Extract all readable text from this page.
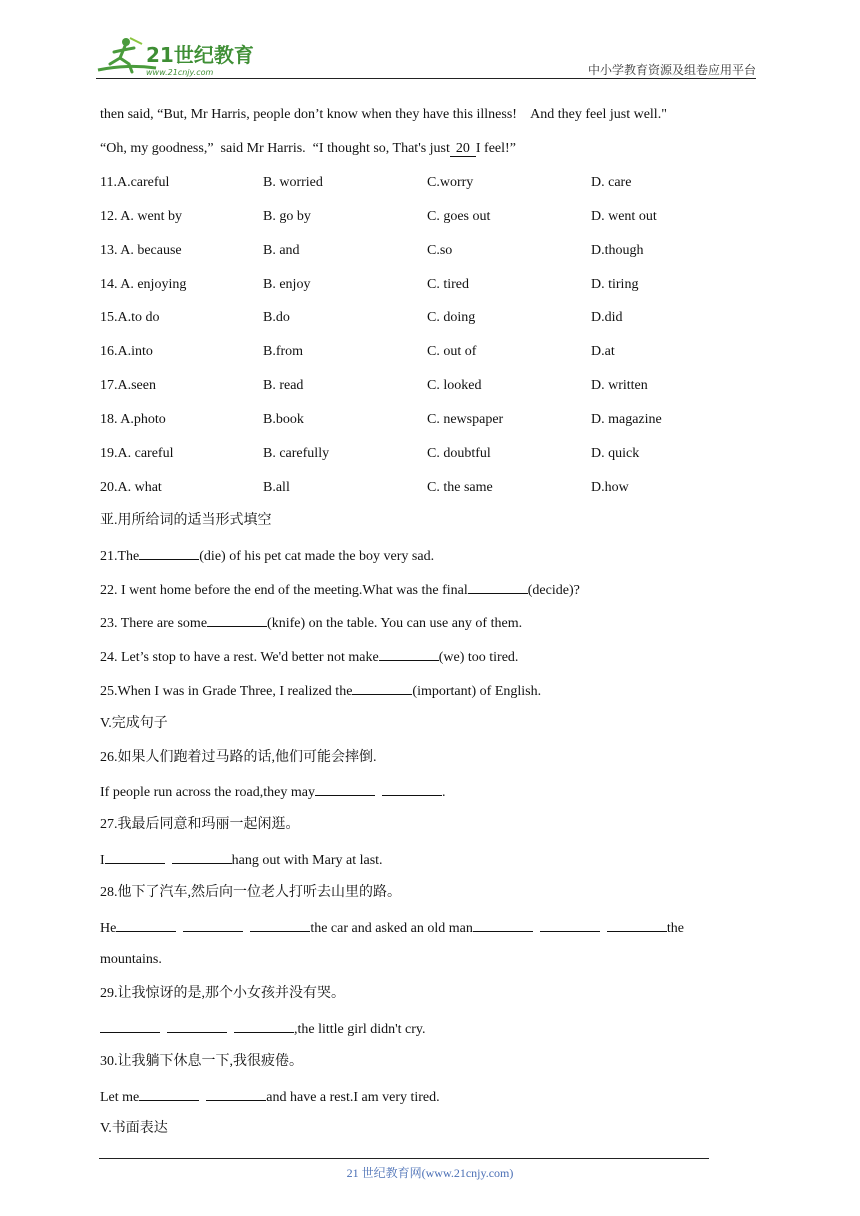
21世纪教育
www.21cnjy.com	中小学教育资源及组卷应用平台
then said, “But, Mr Harris, people don’t know when they have this illness!    And they feel just well."
“Oh, my goodness,”  said Mr Harris.  “I thought so, That's just 20 I feel!”
11.A.careful	B. worried	C.worry	D. care
12. A. went by	B. go by	C. goes out	D. went out
13. A. because	B. and	C.so	D.though
14. A. enjoying	B. enjoy	C. tired	D. tiring
15.A.to do	B.do	C. doing	D.did
16.A.into	B.from	C. out of	D.at
17.A.seen	B. read	C. looked	D. written
18. A.photo	B.book	C. newspaper	D. magazine
19.A. careful	B. carefully	C. doubtful	D. quick
20.A. what	B.all	C. the same	D.how
亚.用所给词的适当形式填空
21.The	(die) of his pet cat made the boy very sad.
22. I went home before the end of the meeting.What was the final	(decide)?
23. There are some	(knife) on the table. You can use any of them.
24. Let’s stop to have a rest. We'd better not make	(we) too tired.
25.When I was in Grade Three, I realized the	(important) of English.
V.完成句子
26.如果人们跑着过马路的话,他们可能会摔倒.
If people run across the road,they may	.
27.我最后同意和玛丽一起闲逛。
I	hang out with Mary at last.
28.他下了汽车,然后向一位老人打听去山里的路。
He	the car and asked an old man	the
mountains.
29.让我惊讶的是,那个小女孩并没有哭。
,the little girl didn't cry.
30.让我躺下休息一下,我很疲倦。
Let me	and have a rest.I am very tired.
V.书面表达
21 世纪教育网(www.21cnjy.com)
